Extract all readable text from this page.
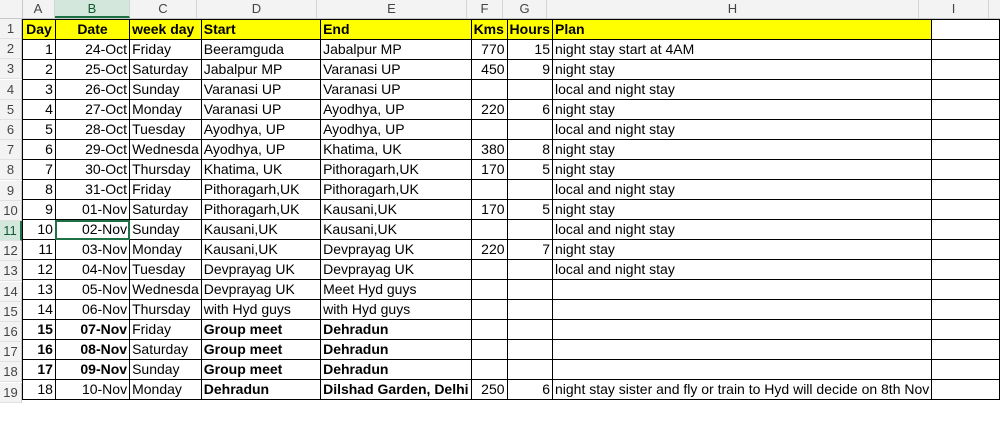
A	B	C	D	E	F	G	H	I
1
2
3
4
5
6
7
8
9
10
11
12
13
14
15
16
17
18
19
Day	Date	week day	Start	End	Kms	Hours	Plan	
1	24-Oct	Friday	Beeramguda	Jabalpur MP	770	15	night stay start at 4AM	
2	25-Oct	Saturday	Jabalpur MP	Varanasi UP	450	9	night stay	
3	26-Oct	Sunday	Varanasi UP	Varanasi UP			local and night stay	
4	27-Oct	Monday	Varanasi UP	Ayodhya, UP	220	6	night stay	
5	28-Oct	Tuesday	Ayodhya, UP	Ayodhya, UP			local and night stay	
6	29-Oct	Wednesda	Ayodhya, UP	Khatima, UK	380	8	night stay	
7	30-Oct	Thursday	Khatima, UK	Pithoragarh,UK	170	5	night stay	
8	31-Oct	Friday	Pithoragarh,UK	Pithoragarh,UK			local and night stay	
9	01-Nov	Saturday	Pithoragarh,UK	Kausani,UK	170	5	night stay	
10	02-Nov	Sunday	Kausani,UK	Kausani,UK			local and night stay	
11	03-Nov	Monday	Kausani,UK	Devprayag UK	220	7	night stay	
12	04-Nov	Tuesday	Devprayag UK	Devprayag UK			local and night stay	
13	05-Nov	Wednesda	Devprayag UK	Meet Hyd guys				
14	06-Nov	Thursday	with Hyd guys	with Hyd guys				
15	07-Nov	Friday	Group meet	Dehradun				
16	08-Nov	Saturday	Group meet	Dehradun				
17	09-Nov	Sunday	Group meet	Dehradun				
18	10-Nov	Monday	Dehradun	Dilshad Garden, Delhi	250	6	night stay sister and fly or train to Hyd will decide on 8th Nov	
